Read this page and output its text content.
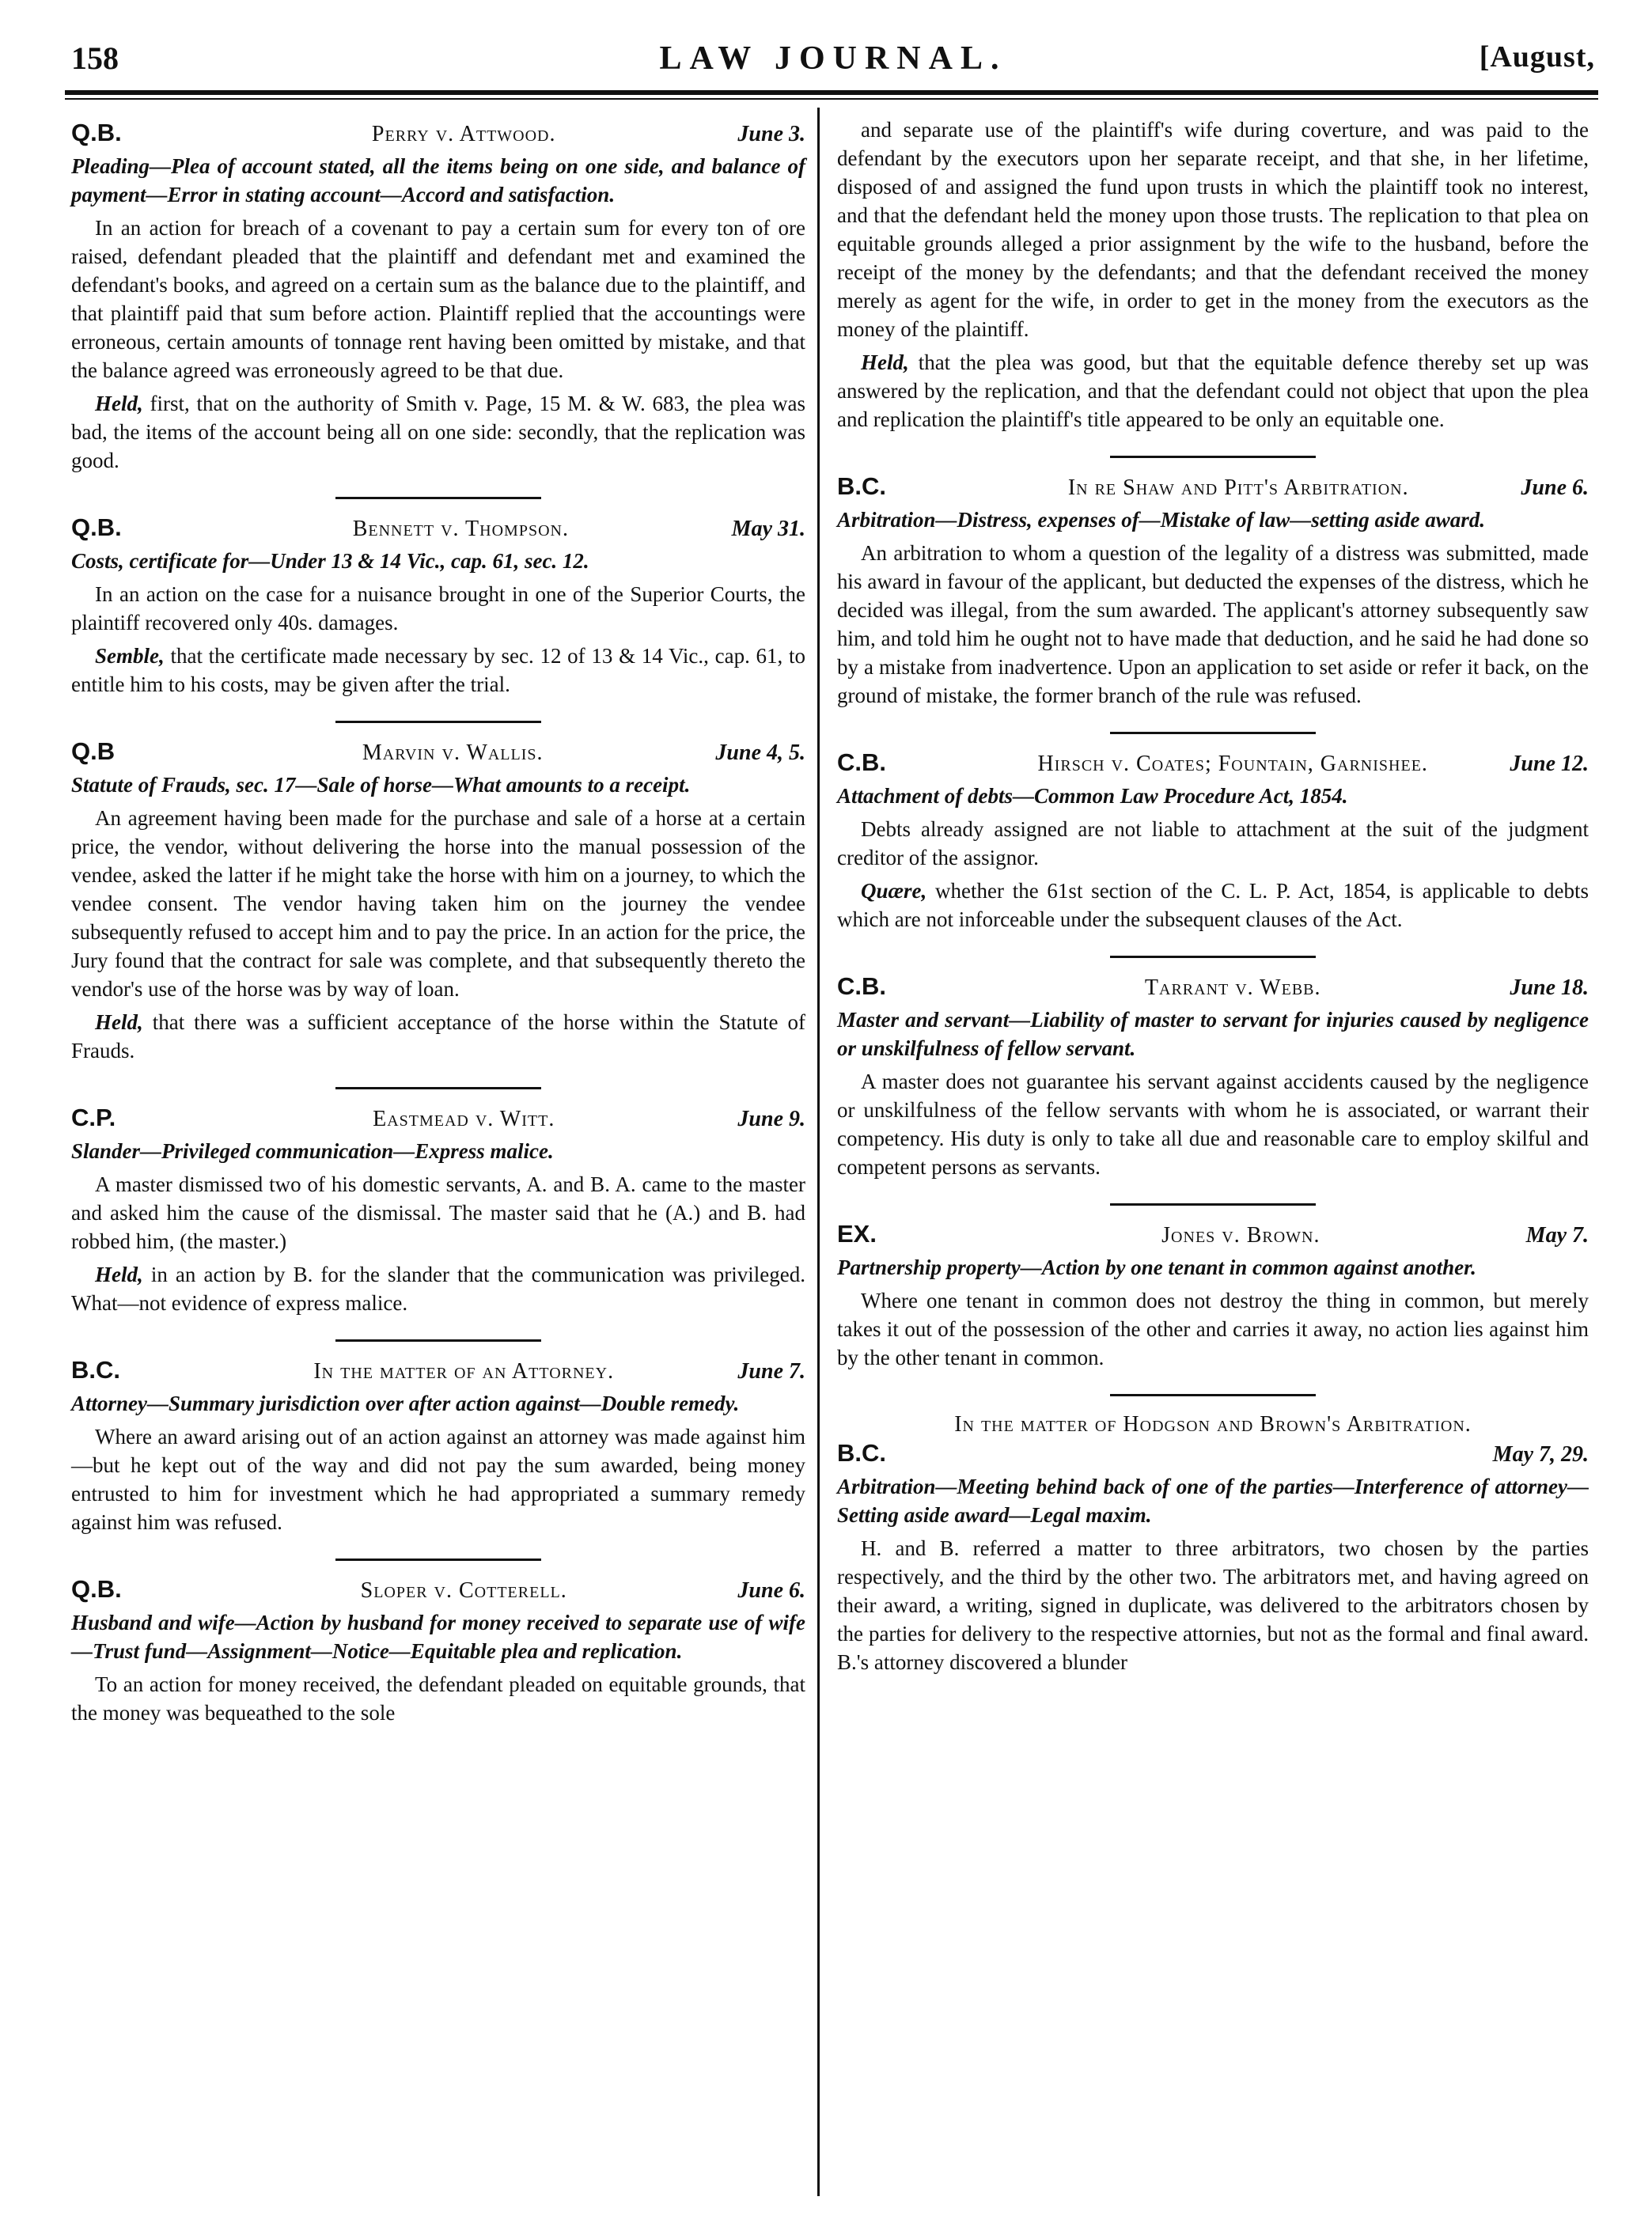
158	LAW JOURNAL.	[August,
Q.B.	Perry v. Attwood.	June 3.
Pleading—Plea of account stated, all the items being on one side, and balance of payment—Error in stating account—Accord and satisfaction.

In an action for breach of a covenant to pay a certain sum for every ton of ore raised, defendant pleaded that the plaintiff and defendant met and examined the defendant's books, and agreed on a certain sum as the balance due to the plaintiff, and that plaintiff paid that sum before action. Plaintiff replied that the accountings were erroneous, certain amounts of tonnage rent having been omitted by mistake, and that the balance agreed was erroneously agreed to be that due.

Held, first, that on the authority of Smith v. Page, 15 M. & W. 683, the plea was bad, the items of the account being all on one side: secondly, that the replication was good.

Q.B.	Bennett v. Thompson.	May 31.
Costs, certificate for—Under 13 & 14 Vic., cap. 61, sec. 12.

In an action on the case for a nuisance brought in one of the Superior Courts, the plaintiff recovered only 40s. damages.

Semble, that the certificate made necessary by sec. 12 of 13 & 14 Vic., cap. 61, to entitle him to his costs, may be given after the trial.

Q.B	Marvin v. Wallis.	June 4, 5.
Statute of Frauds, sec. 17—Sale of horse—What amounts to a receipt.

An agreement having been made for the purchase and sale of a horse at a certain price, the vendor, without delivering the horse into the manual possession of the vendee, asked the latter if he might take the horse with him on a journey, to which the vendee consent. The vendor having taken him on the journey the vendee subsequently refused to accept him and to pay the price. In an action for the price, the Jury found that the contract for sale was complete, and that subsequently thereto the vendor's use of the horse was by way of loan.

Held, that there was a sufficient acceptance of the horse within the Statute of Frauds.

C.P.	Eastmead v. Witt.	June 9.
Slander—Privileged communication—Express malice.

A master dismissed two of his domestic servants, A. and B. A. came to the master and asked him the cause of the dismissal. The master said that he (A.) and B. had robbed him, (the master.)

Held, in an action by B. for the slander that the communication was privileged. What—not evidence of express malice.

B.C.	In the matter of an Attorney.	June 7.
Attorney—Summary jurisdiction over after action against—Double remedy.

Where an award arising out of an action against an attorney was made against him—but he kept out of the way and did not pay the sum awarded, being money entrusted to him for investment which he had appropriated a summary remedy against him was refused.

Q.B.	Sloper v. Cotterell.	June 6.
Husband and wife—Action by husband for money received to separate use of wife—Trust fund—Assignment—Notice—Equitable plea and replication.

To an action for money received, the defendant pleaded on equitable grounds, that the money was bequeathed to the sole

and separate use of the plaintiff's wife during coverture, and was paid to the defendant by the executors upon her separate receipt, and that she, in her lifetime, disposed of and assigned the fund upon trusts in which the plaintiff took no interest, and that the defendant held the money upon those trusts. The replication to that plea on equitable grounds alleged a prior assignment by the wife to the husband, before the receipt of the money by the defendants; and that the defendant received the money merely as agent for the wife, in order to get in the money from the executors as the money of the plaintiff.

Held, that the plea was good, but that the equitable defence thereby set up was answered by the replication, and that the defendant could not object that upon the plea and replication the plaintiff's title appeared to be only an equitable one.

B.C.	In re Shaw and Pitt's Arbitration.	June 6.
Arbitration—Distress, expenses of—Mistake of law—setting aside award.

An arbitration to whom a question of the legality of a distress was submitted, made his award in favour of the applicant, but deducted the expenses of the distress, which he decided was illegal, from the sum awarded. The applicant's attorney subsequently saw him, and told him he ought not to have made that deduction, and he said he had done so by a mistake from inadvertence. Upon an application to set aside or refer it back, on the ground of mistake, the former branch of the rule was refused.

C.B.	Hirsch v. Coates; Fountain, Garnishee.	June 12.
Attachment of debts—Common Law Procedure Act, 1854.

Debts already assigned are not liable to attachment at the suit of the judgment creditor of the assignor.

Quære, whether the 61st section of the C. L. P. Act, 1854, is applicable to debts which are not inforceable under the subsequent clauses of the Act.

C.B.	Tarrant v. Webb.	June 18.
Master and servant—Liability of master to servant for injuries caused by negligence or unskilfulness of fellow servant.

A master does not guarantee his servant against accidents caused by the negligence or unskilfulness of the fellow servants with whom he is associated, or warrant their competency. His duty is only to take all due and reasonable care to employ skilful and competent persons as servants.

EX.	Jones v. Brown.	May 7.
Partnership property—Action by one tenant in common against another.

Where one tenant in common does not destroy the thing in common, but merely takes it out of the possession of the other and carries it away, no action lies against him by the other tenant in common.

In the matter of Hodgson and Brown's Arbitration.
B.C.	May 7, 29.
Arbitration—Meeting behind back of one of the parties—Interference of attorney—Setting aside award—Legal maxim.

H. and B. referred a matter to three arbitrators, two chosen by the parties respectively, and the third by the other two. The arbitrators met, and having agreed on their award, a writing, signed in duplicate, was delivered to the arbitrators chosen by the parties for delivery to the respective attornies, but not as the formal and final award. B.'s attorney discovered a blunder
